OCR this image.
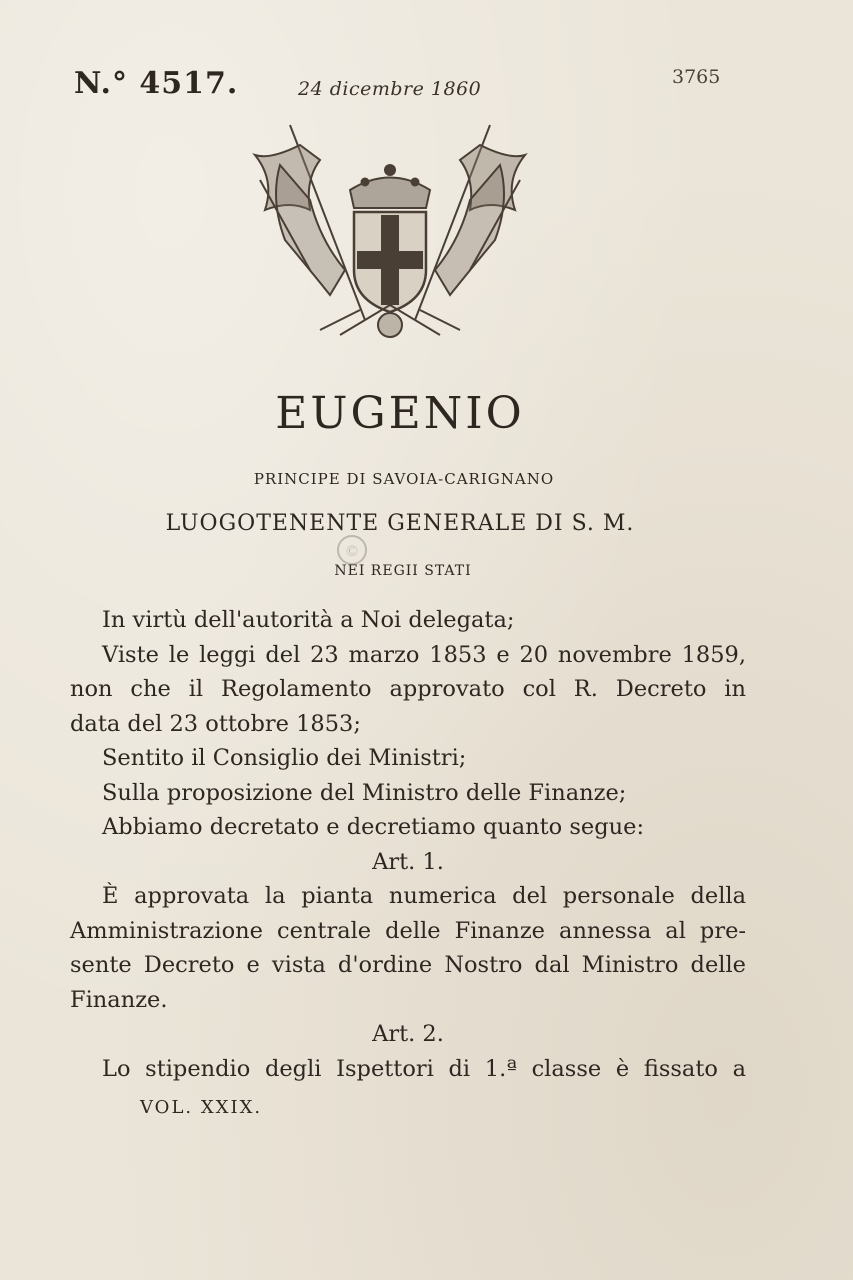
N.° 4517.	24 dicembre 1860
3765
EUGENIO
PRINCIPE DI SAVOIA-CARIGNANO
LUOGOTENENTE GENERALE DI S. M.
NEI REGII STATI
©

In virtù dell'autorità a Noi delegata;

Viste le leggi del 23 marzo 1853 e 20 novembre 1859,

non che il Regolamento approvato col R. Decreto in

data del 23 ottobre 1853;

Sentito il Consiglio dei Ministri;

Sulla proposizione del Ministro delle Finanze;

Abbiamo decretato e decretiamo quanto segue:

Art. 1.

È approvata la pianta numerica del personale della

Amministrazione centrale delle Finanze annessa al pre-

sente Decreto e vista d'ordine Nostro dal Ministro delle

Finanze.

Art. 2.

Lo stipendio degli Ispettori di 1.ª classe è fissato a

VOL. XXIX.
